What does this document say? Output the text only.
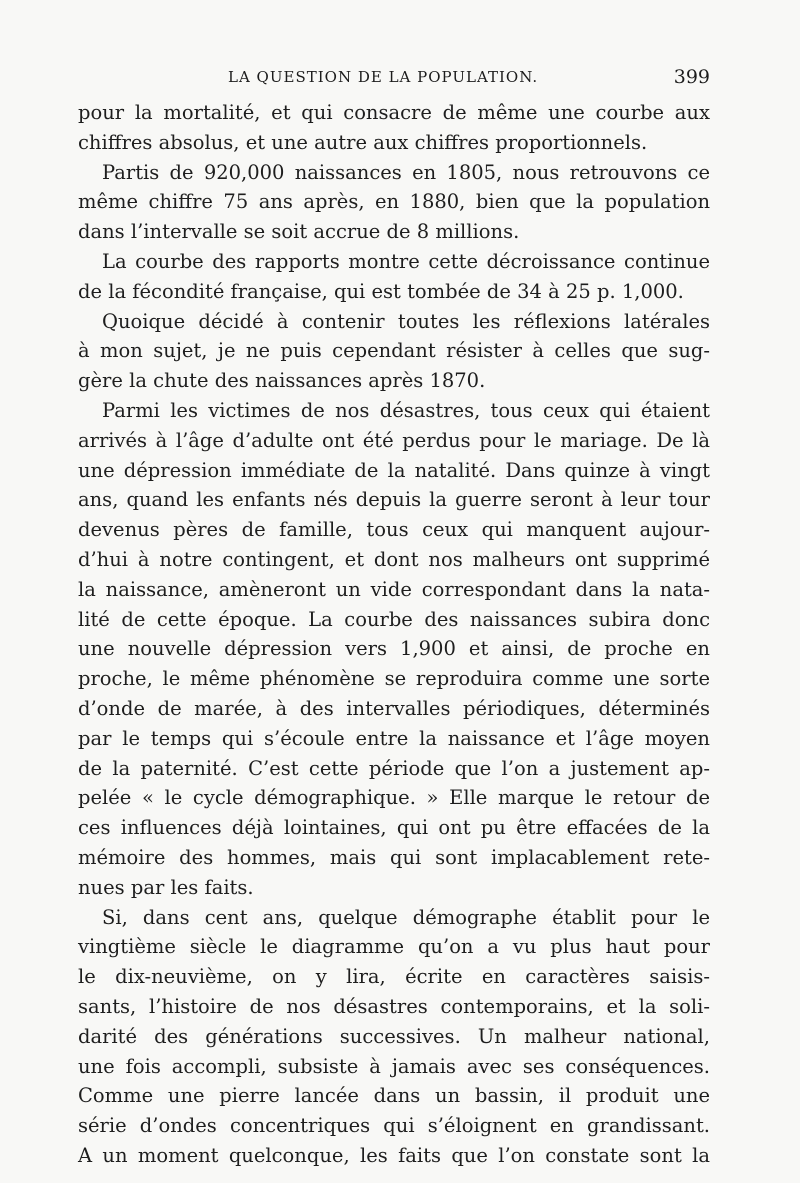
LA QUESTION DE LA POPULATION.	399
pour la mortalité, et qui consacre de même une courbe aux
chiffres absolus, et une autre aux chiffres proportionnels.
Partis de 920,000 naissances en 1805, nous retrouvons ce
même chiffre 75 ans après, en 1880, bien que la population
dans l’intervalle se soit accrue de 8 millions.
La courbe des rapports montre cette décroissance continue
de la fécondité française, qui est tombée de 34 à 25 p. 1,000.
Quoique décidé à contenir toutes les réflexions latérales
à mon sujet, je ne puis cependant résister à celles que sug-
gère la chute des naissances après 1870.
Parmi les victimes de nos désastres, tous ceux qui étaient
arrivés à l’âge d’adulte ont été perdus pour le mariage. De là
une dépression immédiate de la natalité. Dans quinze à vingt
ans, quand les enfants nés depuis la guerre seront à leur tour
devenus pères de famille, tous ceux qui manquent aujour-
d’hui à notre contingent, et dont nos malheurs ont supprimé
la naissance, amèneront un vide correspondant dans la nata-
lité de cette époque. La courbe des naissances subira donc
une nouvelle dépression vers 1,900 et ainsi, de proche en
proche, le même phénomène se reproduira comme une sorte
d’onde de marée, à des intervalles périodiques, déterminés
par le temps qui s’écoule entre la naissance et l’âge moyen
de la paternité. C’est cette période que l’on a justement ap-
pelée « le cycle démographique. » Elle marque le retour de
ces influences déjà lointaines, qui ont pu être effacées de la
mémoire des hommes, mais qui sont implacablement rete-
nues par les faits.
Si, dans cent ans, quelque démographe établit pour le
vingtième siècle le diagramme qu’on a vu plus haut pour
le dix-neuvième, on y lira, écrite en caractères saisis-
sants, l’histoire de nos désastres contemporains, et la soli-
darité des générations successives. Un malheur national,
une fois accompli, subsiste à jamais avec ses conséquences.
Comme une pierre lancée dans un bassin, il produit une
série d’ondes concentriques qui s’éloignent en grandissant.
A un moment quelconque, les faits que l’on constate sont la
